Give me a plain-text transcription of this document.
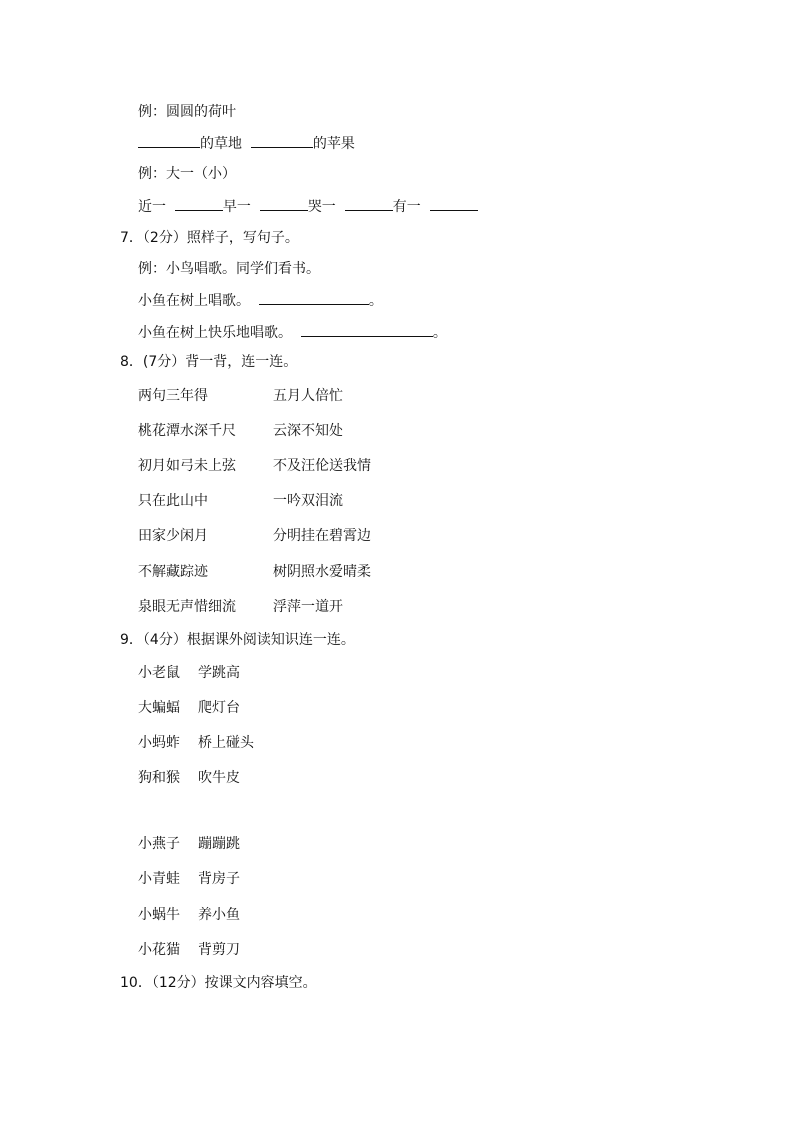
例：圆圆的荷叶
的草地	的苹果
例：大一（小）
近一	早一	哭一	有一
7．（2分）照样子，写句子。
例：小鸟唱歌。同学们看书。
小鱼在树上唱歌。	。
小鱼在树上快乐地唱歌。	。
8．(7分）背一背，连一连。
两句三年得	五月人倍忙
桃花潭水深千尺	云深不知处
初月如弓未上弦	不及汪伦送我情
只在此山中	一吟双泪流
田家少闲月	分明挂在碧霄边
不解藏踪迹	树阴照水爱晴柔
泉眼无声惜细流	浮萍一道开
9．（4分）根据课外阅读知识连一连。
小老鼠 学跳高
大蝙蝠 爬灯台
小蚂蚱 桥上碰头
狗和猴 吹牛皮
小燕子 蹦蹦跳
小青蛙 背房子
小蜗牛 养小鱼
小花猫 背剪刀
10．（12分）按课文内容填空。
